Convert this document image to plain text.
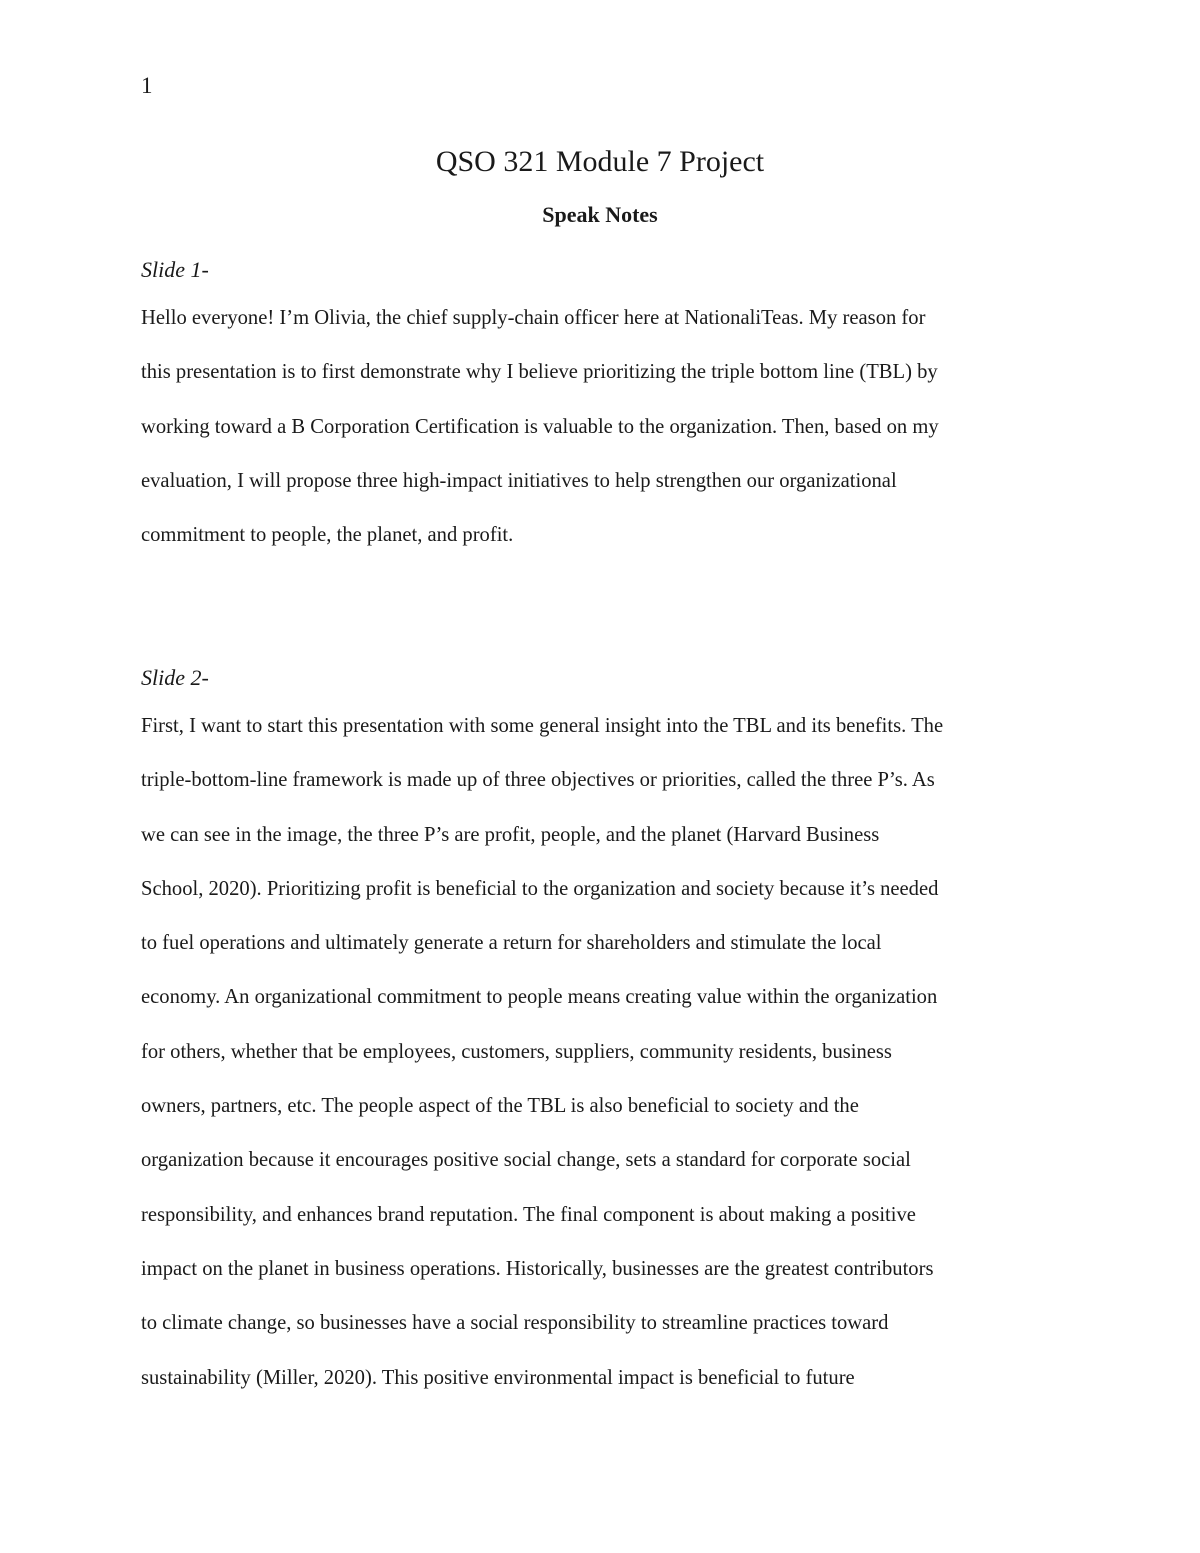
1
QSO 321 Module 7 Project
Speak Notes
Slide 1-

Hello everyone! I’m Olivia, the chief supply-chain officer here at NationaliTeas. My reason for
this presentation is to first demonstrate why I believe prioritizing the triple bottom line (TBL) by
working toward a B Corporation Certification is valuable to the organization. Then, based on my
evaluation, I will propose three high-impact initiatives to help strengthen our organizational
commitment to people, the planet, and profit.

Slide 2-

First, I want to start this presentation with some general insight into the TBL and its benefits. The
triple-bottom-line framework is made up of three objectives or priorities, called the three P’s. As
we can see in the image, the three P’s are profit, people, and the planet (Harvard Business
School, 2020). Prioritizing profit is beneficial to the organization and society because it’s needed
to fuel operations and ultimately generate a return for shareholders and stimulate the local
economy. An organizational commitment to people means creating value within the organization
for others, whether that be employees, customers, suppliers, community residents, business
owners, partners, etc. The people aspect of the TBL is also beneficial to society and the
organization because it encourages positive social change, sets a standard for corporate social
responsibility, and enhances brand reputation. The final component is about making a positive
impact on the planet in business operations. Historically, businesses are the greatest contributors
to climate change, so businesses have a social responsibility to streamline practices toward
sustainability (Miller, 2020). This positive environmental impact is beneficial to future
